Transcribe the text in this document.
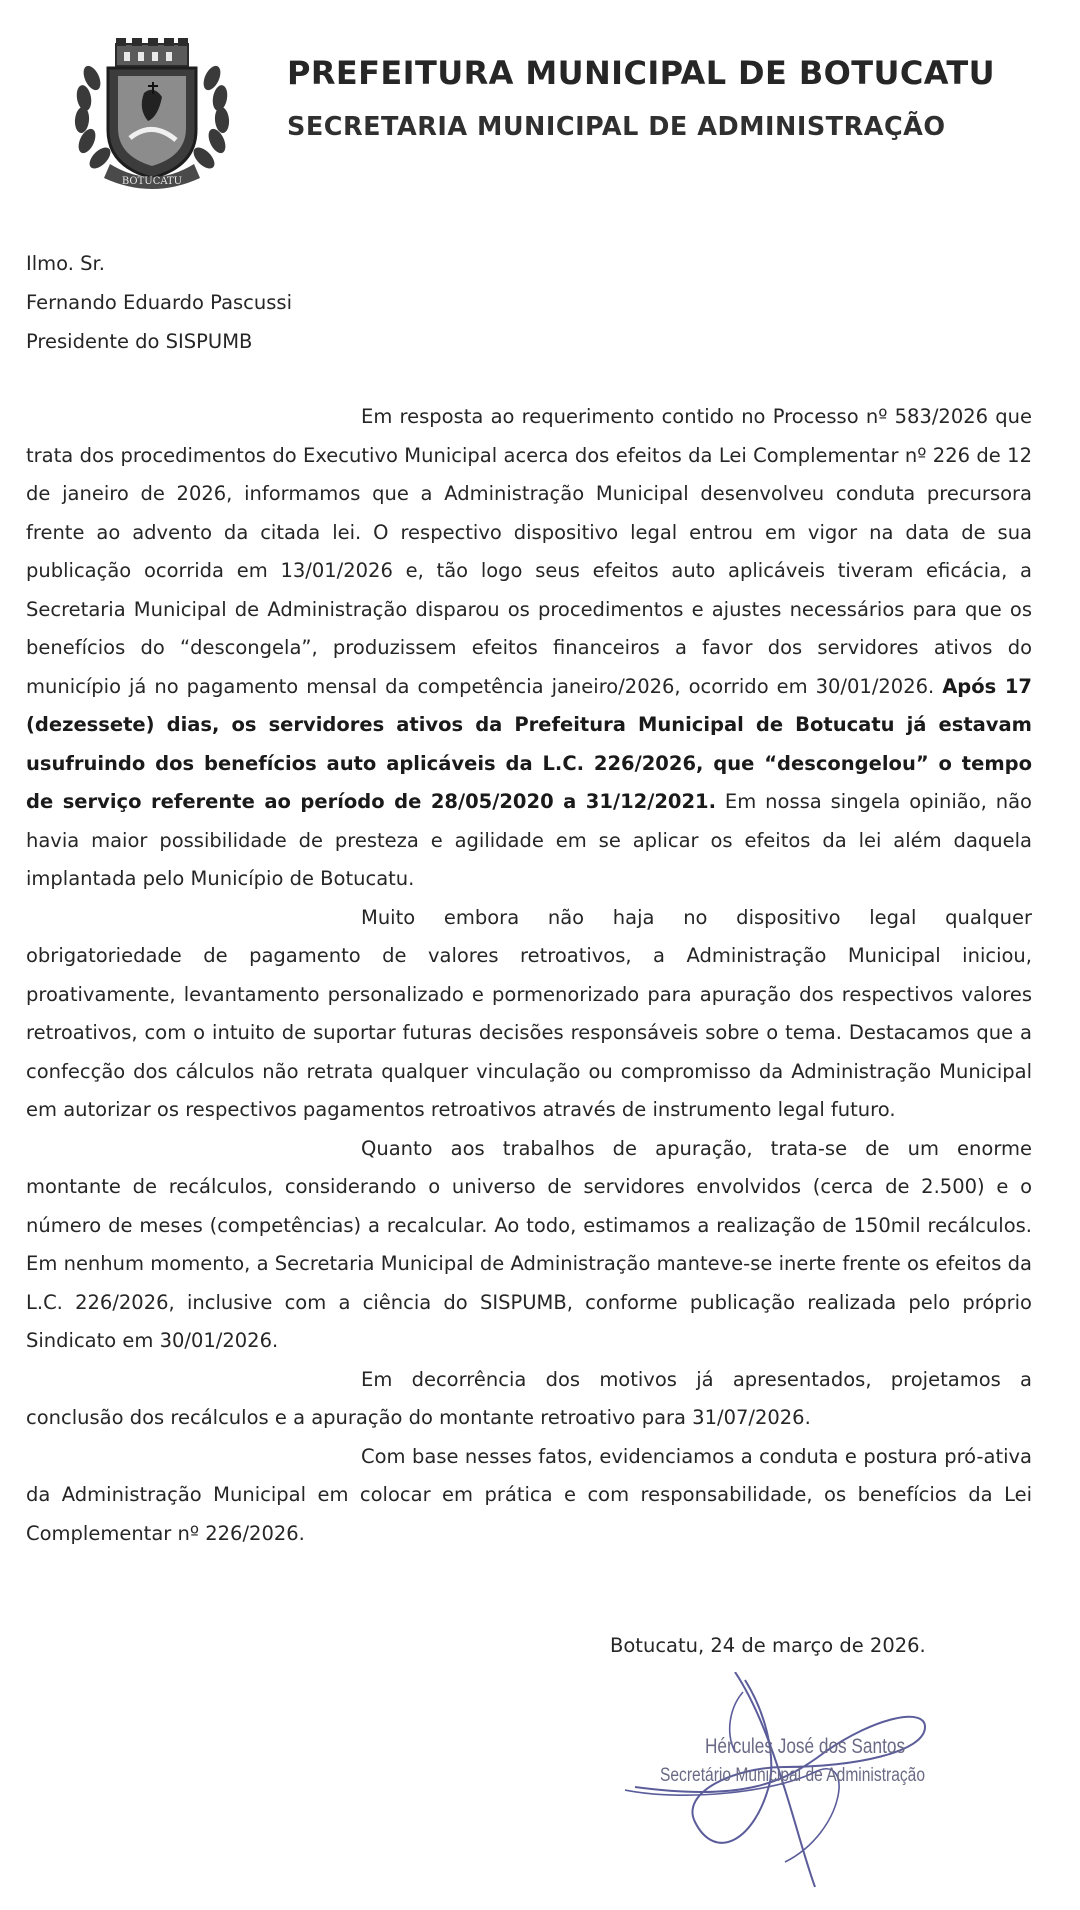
BOTUCATU
PREFEITURA MUNICIPAL DE BOTUCATU
SECRETARIA MUNICIPAL DE ADMINISTRAÇÃO
Ilmo. Sr.
Fernando Eduardo Pascussi
Presidente do SISPUMB

Em resposta ao requerimento contido no Processo nº 583/2026 que trata dos procedimentos do Executivo Municipal acerca dos efeitos da Lei Complementar nº 226 de 12 de janeiro de 2026, informamos que a Administração Municipal desenvolveu conduta precursora frente ao advento da citada lei. O respectivo dispositivo legal entrou em vigor na data de sua publicação ocorrida em 13/01/2026 e, tão logo seus efeitos auto aplicáveis tiveram eficácia, a Secretaria Municipal de Administração disparou os procedimentos e ajustes necessários para que os benefícios do “descongela”, produzissem efeitos financeiros a favor dos servidores ativos do município já no pagamento mensal da competência janeiro/2026, ocorrido em 30/01/2026. Após 17 (dezessete) dias, os servidores ativos da Prefeitura Municipal de Botucatu já estavam usufruindo dos benefícios auto aplicáveis da L.C. 226/2026, que “descongelou” o tempo de serviço referente ao período de 28/05/2020 a 31/12/2021. Em nossa singela opinião, não havia maior possibilidade de presteza e agilidade em se aplicar os efeitos da lei além daquela implantada pelo Município de Botucatu.

Muito embora não haja no dispositivo legal qualquer obrigatoriedade de pagamento de valores retroativos, a Administração Municipal iniciou, proativamente, levantamento personalizado e pormenorizado para apuração dos respectivos valores retroativos, com o intuito de suportar futuras decisões responsáveis sobre o tema. Destacamos que a confecção dos cálculos não retrata qualquer vinculação ou compromisso da Administração Municipal em autorizar os respectivos pagamentos retroativos através de instrumento legal futuro.

Quanto aos trabalhos de apuração, trata-se de um enorme montante de recálculos, considerando o universo de servidores envolvidos (cerca de 2.500) e o número de meses (competências) a recalcular. Ao todo, estimamos a realização de 150mil recálculos. Em nenhum momento, a Secretaria Municipal de Administração manteve-se inerte frente os efeitos da L.C. 226/2026, inclusive com a ciência do SISPUMB, conforme publicação realizada pelo próprio Sindicato em 30/01/2026.

Em decorrência dos motivos já apresentados, projetamos a conclusão dos recálculos e a apuração do montante retroativo para 31/07/2026.

Com base nesses fatos, evidenciamos a conduta e postura pró-ativa da Administração Municipal em colocar em prática e com responsabilidade, os benefícios da Lei Complementar nº 226/2026.

Botucatu, 24 de março de 2026.
Hércules José dos Santos
Secretário Municipal de Administração
